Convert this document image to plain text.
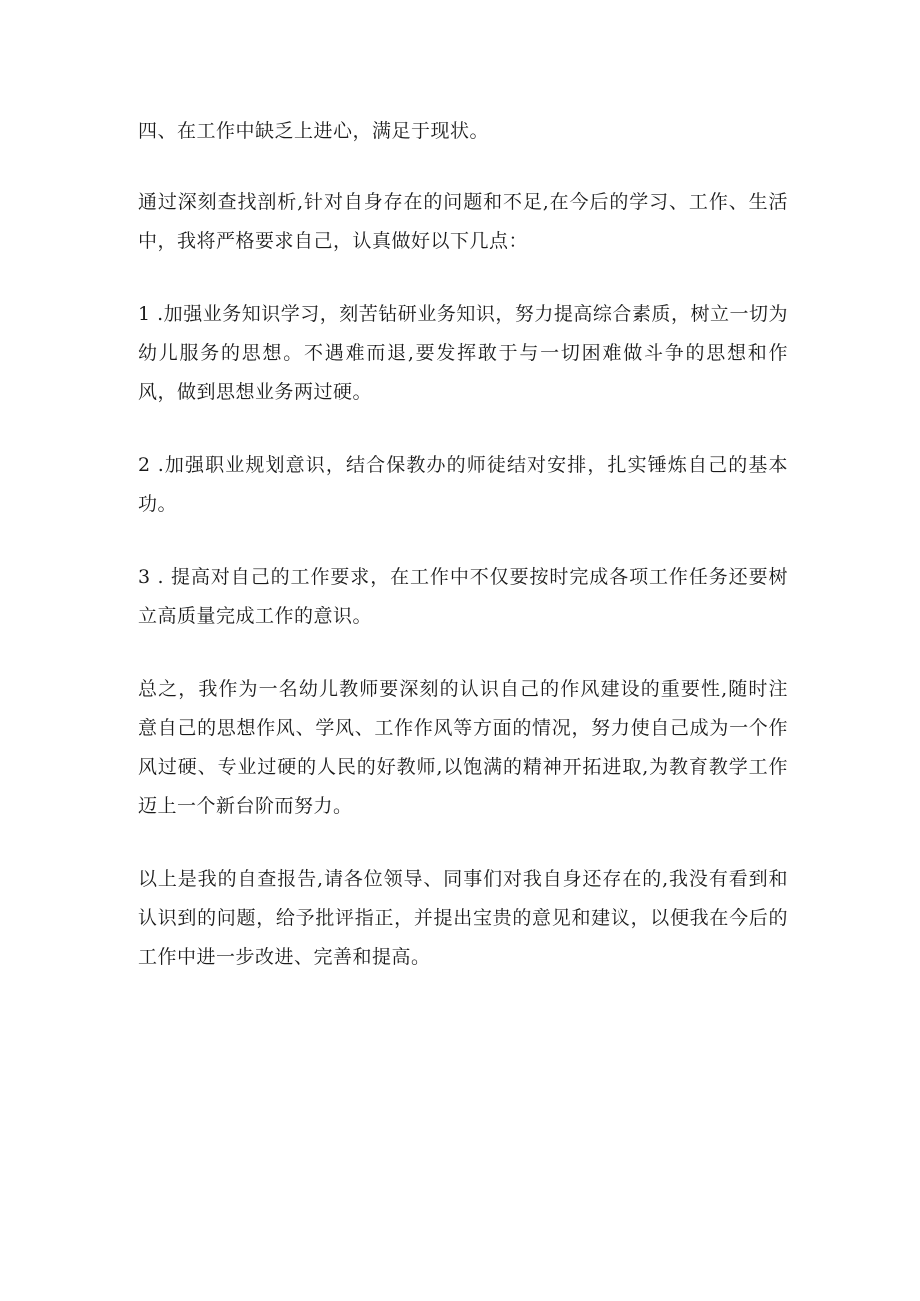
四、在工作中缺乏上进心，满足于现状。

通过深刻查找剖析,针对自身存在的问题和不足,在今后的学习、工作、生活中，我将严格要求自己，认真做好以下几点：

1 .加强业务知识学习，刻苦钻研业务知识，努力提高综合素质，树立一切为幼儿服务的思想。不遇难而退,要发挥敢于与一切困难做斗争的思想和作风，做到思想业务两过硬。

2 .加强职业规划意识，结合保教办的师徒结对安排，扎实锤炼自己的基本功。

3 . 提高对自己的工作要求，在工作中不仅要按时完成各项工作任务还要树立高质量完成工作的意识。

总之，我作为一名幼儿教师要深刻的认识自己的作风建设的重要性,随时注意自己的思想作风、学风、工作作风等方面的情况，努力使自己成为一个作风过硬、专业过硬的人民的好教师,以饱满的精神开拓进取,为教育教学工作迈上一个新台阶而努力。

以上是我的自查报告,请各位领导、同事们对我自身还存在的,我没有看到和认识到的问题，给予批评指正，并提出宝贵的意见和建议，以便我在今后的工作中进一步改进、完善和提高。
